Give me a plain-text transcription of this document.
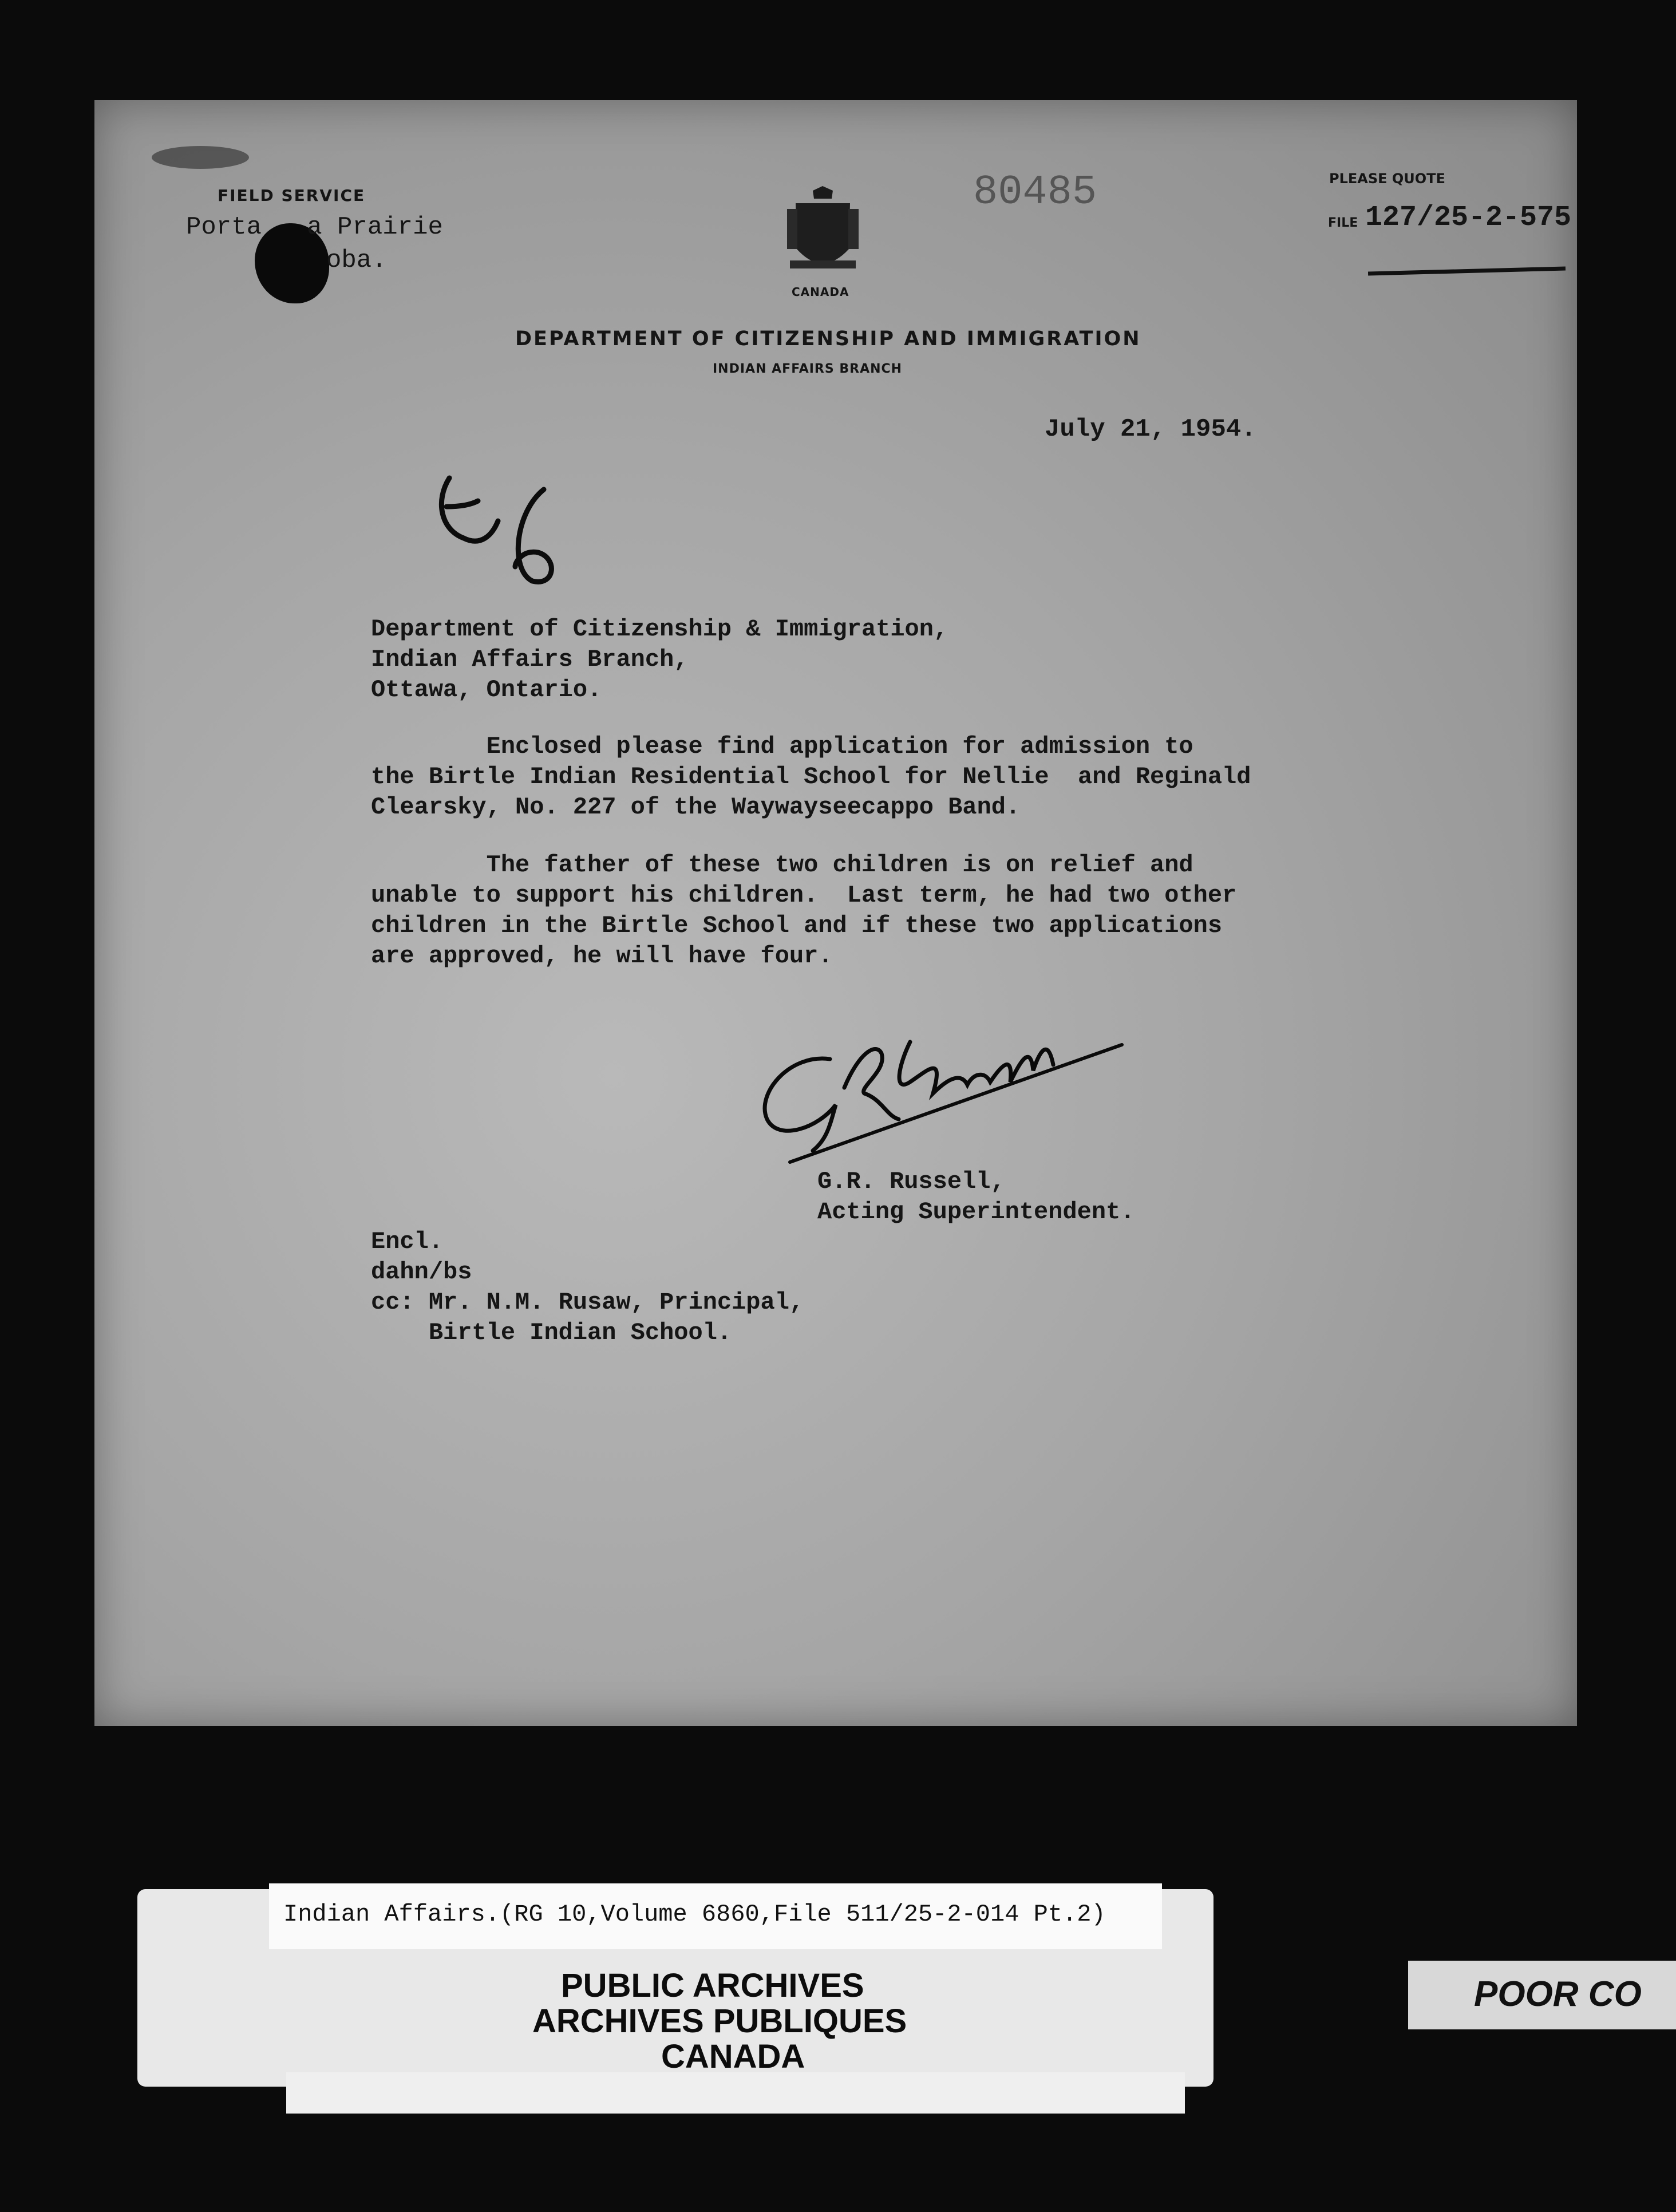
FIELD SERVICE
Porta   a Prairie
oba.
CANADA
80485
DEPARTMENT OF CITIZENSHIP AND IMMIGRATION
INDIAN AFFAIRS BRANCH
PLEASE QUOTE
FILE 127/25-2-575
July 21, 1954.
Department of Citizenship & Immigration,
Indian Affairs Branch,
Ottawa, Ontario.
Enclosed please find application for admission to
the Birtle Indian Residential School for Nellie  and Reginald
Clearsky, No. 227 of the Waywayseecappo Band.
The father of these two children is on relief and
unable to support his children.  Last term, he had two other
children in the Birtle School and if these two applications
are approved, he will have four.
G.R. Russell,
Acting Superintendent.
Encl.
dahn/bs
cc: Mr. N.M. Rusaw, Principal,
Birtle Indian School.
Indian Affairs.(RG 10,Volume 6860,File 511/25-2-014 Pt.2)
PUBLIC ARCHIVES
ARCHIVES PUBLIQUES
CANADA
POOR CO
